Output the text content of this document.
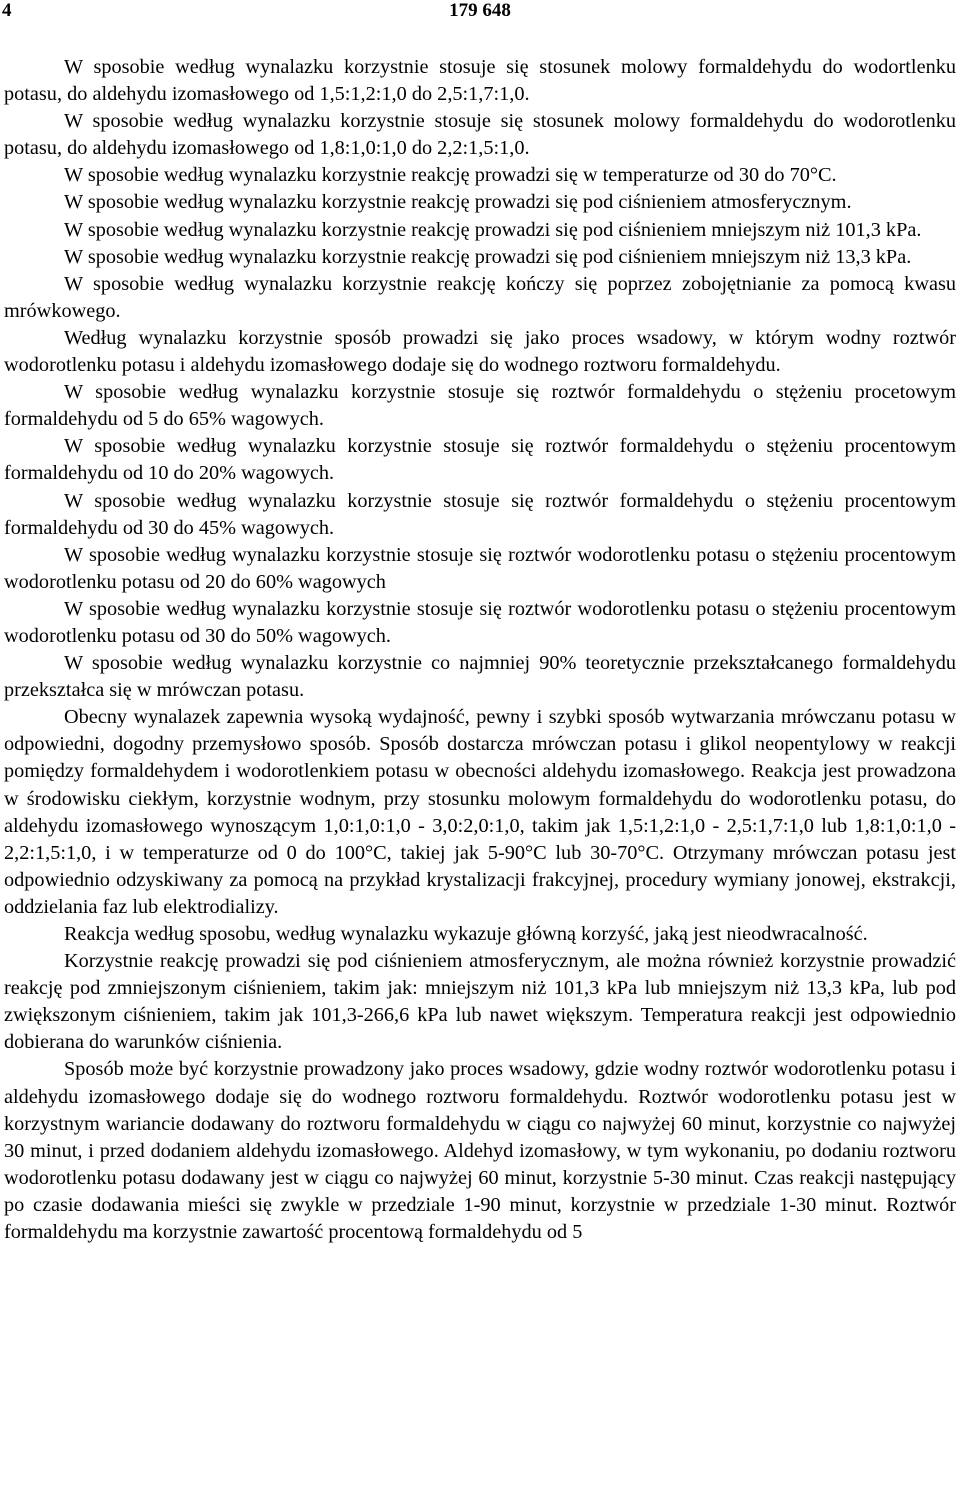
4	179 648

W sposobie według wynalazku korzystnie stosuje się stosunek molowy formaldehydu do wodortlenku potasu, do aldehydu izomasłowego od 1,5:1,2:1,0 do 2,5:1,7:1,0.

W sposobie według wynalazku korzystnie stosuje się stosunek molowy formaldehydu do wodorotlenku potasu, do aldehydu izomasłowego od 1,8:1,0:1,0 do 2,2:1,5:1,0.

W sposobie według wynalazku korzystnie reakcję prowadzi się w temperaturze od 30 do 70°C.

W sposobie według wynalazku korzystnie reakcję prowadzi się pod ciśnieniem atmosferycznym.

W sposobie według wynalazku korzystnie reakcję prowadzi się pod ciśnieniem mniejszym niż 101,3 kPa.

W sposobie według wynalazku korzystnie reakcję prowadzi się pod ciśnieniem mniejszym niż 13,3 kPa.

W sposobie według wynalazku korzystnie reakcję kończy się poprzez zobojętnianie za pomocą kwasu mrówkowego.

Według wynalazku korzystnie sposób prowadzi się jako proces wsadowy, w którym wodny roztwór wodorotlenku potasu i aldehydu izomasłowego dodaje się do wodnego roztworu formaldehydu.

W sposobie według wynalazku korzystnie stosuje się roztwór formaldehydu o stężeniu procetowym formaldehydu od 5 do 65% wagowych.

W sposobie według wynalazku korzystnie stosuje się roztwór formaldehydu o stężeniu procentowym formaldehydu od 10 do 20% wagowych.

W sposobie według wynalazku korzystnie stosuje się roztwór formaldehydu o stężeniu procentowym formaldehydu od 30 do 45% wagowych.

W sposobie według wynalazku korzystnie stosuje się roztwór wodorotlenku potasu o stężeniu procentowym wodorotlenku potasu od 20 do 60% wagowych

W sposobie według wynalazku korzystnie stosuje się roztwór wodorotlenku potasu o stężeniu procentowym wodorotlenku potasu od 30 do 50% wagowych.

W sposobie według wynalazku korzystnie co najmniej 90% teoretycznie przekształcanego formaldehydu przekształca się w mrówczan potasu.

Obecny wynalazek zapewnia wysoką wydajność, pewny i szybki sposób wytwarzania mrówczanu potasu w odpowiedni, dogodny przemysłowo sposób. Sposób dostarcza mrówczan potasu i glikol neopentylowy w reakcji pomiędzy formaldehydem i wodorotlenkiem potasu w obecności aldehydu izomasłowego. Reakcja jest prowadzona w środowisku ciekłym, korzystnie wodnym, przy stosunku molowym formaldehydu do wodorotlenku potasu, do aldehydu izomasłowego wynoszącym 1,0:1,0:1,0 - 3,0:2,0:1,0, takim jak 1,5:1,2:1,0 - 2,5:1,7:1,0 lub 1,8:1,0:1,0 - 2,2:1,5:1,0, i w temperaturze od 0 do 100°C, takiej jak 5-90°C lub 30-70°C. Otrzymany mrówczan potasu jest odpowiednio odzyskiwany za pomocą na przykład krystalizacji frakcyjnej, procedury wymiany jonowej, ekstrakcji, oddzielania faz lub elektrodializy.

Reakcja według sposobu, według wynalazku wykazuje główną korzyść, jaką jest nieodwracalność.

Korzystnie reakcję prowadzi się pod ciśnieniem atmosferycznym, ale można również korzystnie prowadzić reakcję pod zmniejszonym ciśnieniem, takim jak: mniejszym niż 101,3 kPa lub mniejszym niż 13,3 kPa, lub pod zwiększonym ciśnieniem, takim jak 101,3-266,6 kPa lub nawet większym. Temperatura reakcji jest odpowiednio dobierana do warunków ciśnienia.

Sposób może być korzystnie prowadzony jako proces wsadowy, gdzie wodny roztwór wodorotlenku potasu i aldehydu izomasłowego dodaje się do wodnego roztworu formaldehydu. Roztwór wodorotlenku potasu jest w korzystnym wariancie dodawany do roztworu formaldehydu w ciągu co najwyżej 60 minut, korzystnie co najwyżej 30 minut, i przed dodaniem aldehydu izomasłowego. Aldehyd izomasłowy, w tym wykonaniu, po dodaniu roztworu wodorotlenku potasu dodawany jest w ciągu co najwyżej 60 minut, korzystnie 5-30 minut. Czas reakcji następujący po czasie dodawania mieści się zwykle w przedziale 1-90 minut, korzystnie w przedziale 1-30 minut. Roztwór formaldehydu ma korzystnie zawartość procentową formaldehydu od 5
